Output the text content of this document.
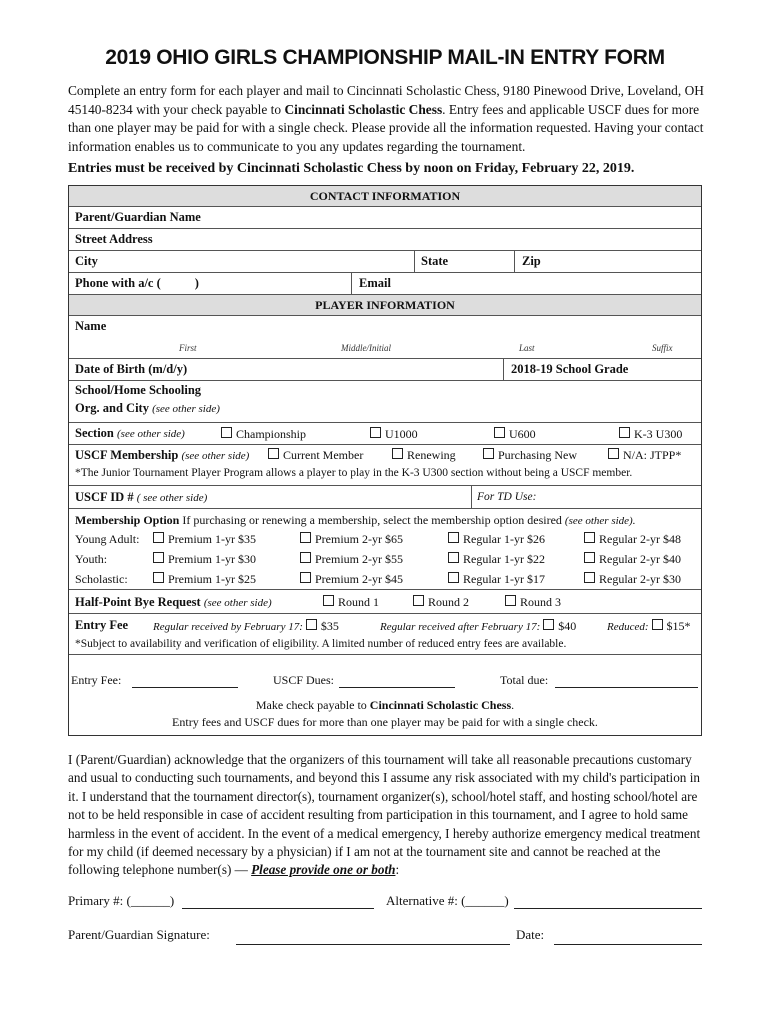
2019 OHIO GIRLS CHAMPIONSHIP MAIL-IN ENTRY FORM
Complete an entry form for each player and mail to Cincinnati Scholastic Chess, 9180 Pinewood Drive, Loveland, OH 45140-8234 with your check payable to Cincinnati Scholastic Chess. Entry fees and applicable USCF dues for more than one player may be paid for with a single check. Please provide all the information requested. Having your contact information enables us to communicate to you any updates regarding the tournament.
Entries must be received by Cincinnati Scholastic Chess by noon on Friday, February 22, 2019.
CONTACT INFORMATION
Parent/Guardian Name
Street Address
City	State	Zip
Phone with a/c (	)	Email
PLAYER INFORMATION
Name
First	Middle/Initial	Last	Suffix
Date of Birth (m/d/y)	2018-19 School Grade
School/Home Schooling
Org. and City (see other side)
Section (see other side)	Championship	U1000	U600	K-3 U300
USCF Membership (see other side)	Current Member	Renewing	Purchasing New	N/A: JTPP*
*The Junior Tournament Player Program allows a player to play in the K-3 U300 section without being a USCF member.
USCF ID # ( see other side)	For TD Use:
Membership Option If purchasing or renewing a membership, select the membership option desired (see other side).
Young Adult:	Premium 1-yr $35	Premium 2-yr $65	Regular 1-yr $26	Regular 2-yr $48
Youth:	Premium 1-yr $30	Premium 2-yr $55	Regular 1-yr $22	Regular 2-yr $40
Scholastic:	Premium 1-yr $25	Premium 2-yr $45	Regular 1-yr $17	Regular 2-yr $30
Half-Point Bye Request (see other side)	Round 1	Round 2	Round 3
Entry Fee Regular received by February 17: $35	Regular received after February 17: $40	Reduced: $15*
*Subject to availability and verification of eligibility. A limited number of reduced entry fees are available.
Entry Fee:	USCF Dues:	Total due:
Make check payable to Cincinnati Scholastic Chess.
Entry fees and USCF dues for more than one player may be paid for with a single check.
I (Parent/Guardian) acknowledge that the organizers of this tournament will take all reasonable precautions customary and usual to conducting such tournaments, and beyond this I assume any risk associated with my child's participation in it. I understand that the tournament director(s), tournament organizer(s), school/hotel staff, and hosting school/hotel are not to be held responsible in case of accident resulting from participation in this tournament, and I agree to hold same harmless in the event of accident. In the event of a medical emergency, I hereby authorize emergency medical treatment for my child (if deemed necessary by a physician) if I am not at the tournament site and cannot be reached at the following telephone number(s) — Please provide one or both:
Primary #: (______)	Alternative #: (______)
Parent/Guardian Signature:	Date:
